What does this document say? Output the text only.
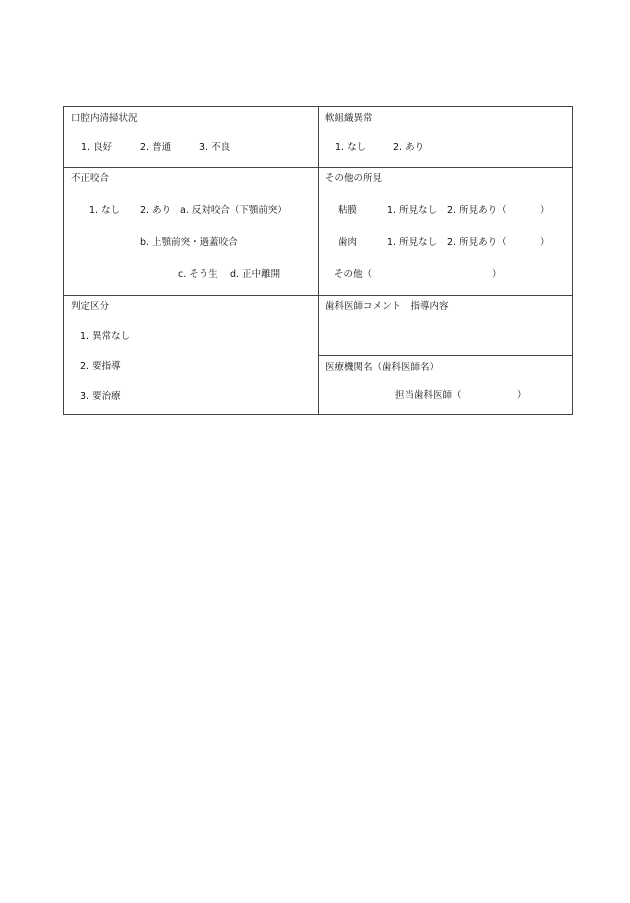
口腔内清掃状況
1. 良好	2. 普通	3. 不良
軟組織異常
1. なし	2. あり
不正咬合
1. なし 2. あり a. 反対咬合（下顎前突）
b. 上顎前突・過蓋咬合
c. そう生 d. 正中離開
その他の所見
粘膜	1. 所見なし 2. 所見あり（	）
歯肉	1. 所見なし 2. 所見あり（	）
その他（	）
判定区分
1. 異常なし
2. 要指導
3. 要治療
歯科医師コメント　指導内容
医療機関名（歯科医師名）
担当歯科医師（	）
